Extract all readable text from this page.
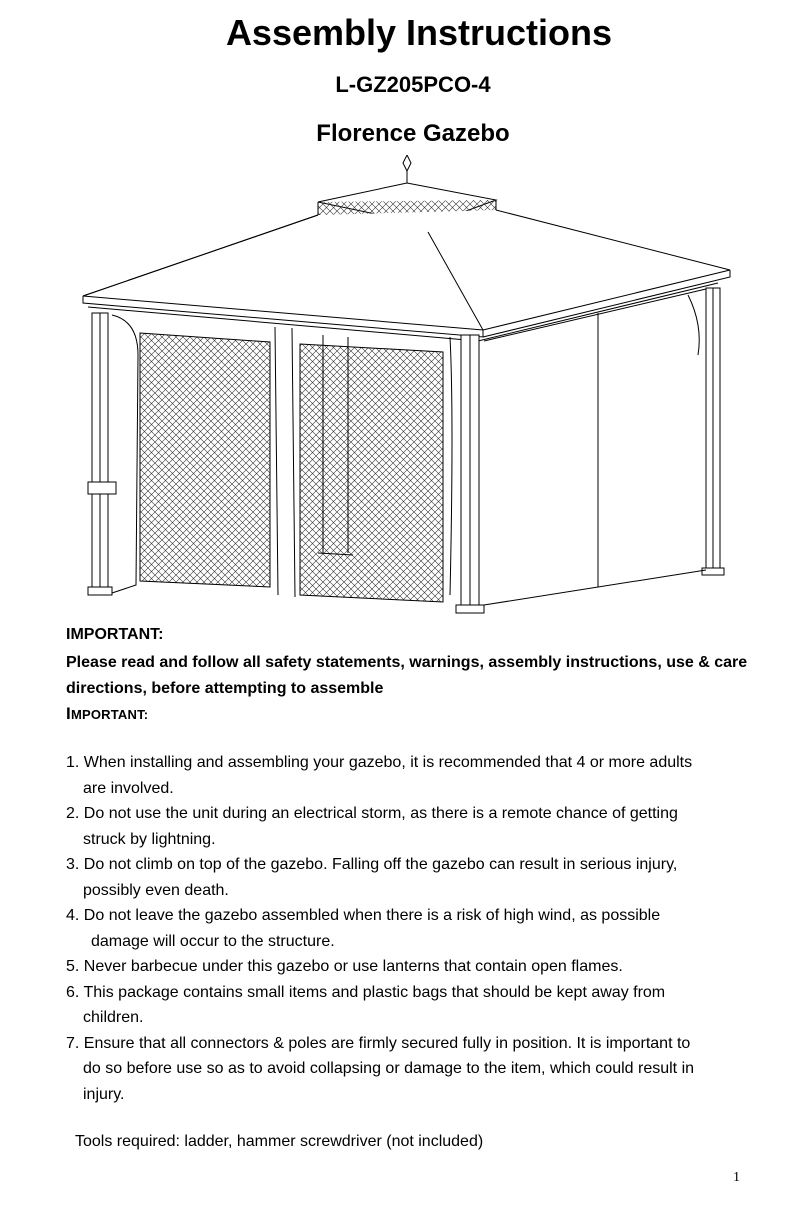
Assembly Instructions
L-GZ205PCO-4
Florence Gazebo

IMPORTANT:

Please read and follow all safety statements, warnings, assembly instructions, use & care directions, before attempting to assemble

IMPORTANT:

1. When installing and assembling your gazebo, it is recommended that 4 or more adults
are involved.
2. Do not use the unit during an electrical storm, as there is a remote chance of getting
struck by lightning.
3. Do not climb on top of the gazebo. Falling off the gazebo can result in serious injury,
possibly even death.
4. Do not leave the gazebo assembled when there is a risk of high wind, as possible
damage will occur to the structure.
5. Never barbecue under this gazebo or use lanterns that contain open flames.
6. This package contains small items and plastic bags that should be kept away from
children.
7. Ensure that all connectors & poles are firmly secured fully in position. It is important to
do so before use so as to avoid collapsing or damage to the item, which could result in
injury.

Tools required: ladder, hammer screwdriver (not included)

1
